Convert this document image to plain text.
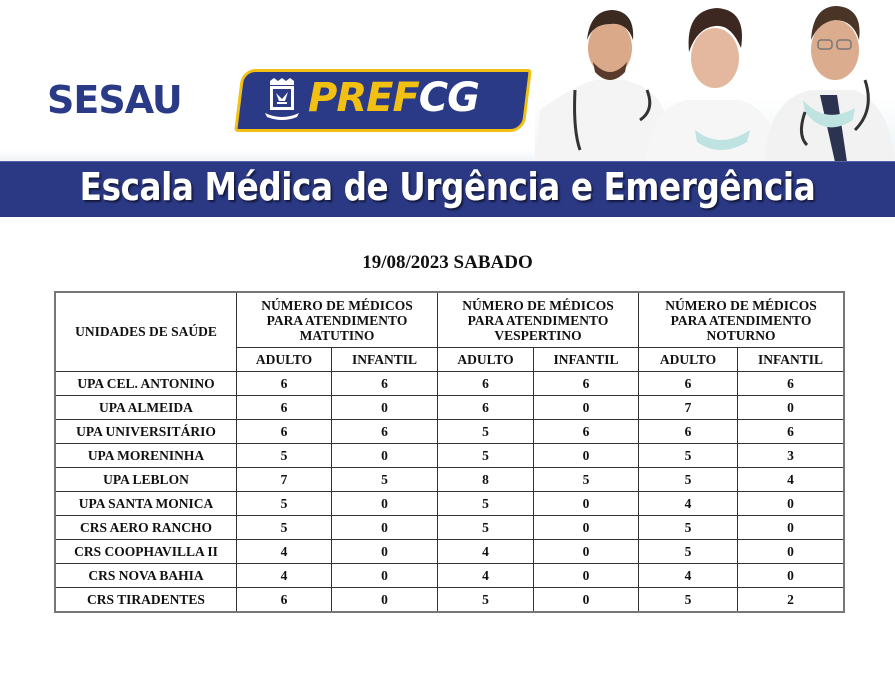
SESAU	PREFCG
Escala Médica de Urgência e Emergência
19/08/2023 SABADO
UNIDADES DE SAÚDE	
NÚMERO DE MÉDICOS
PARA ATENDIMENTO
MATUTINO

NÚMERO DE MÉDICOS
PARA ATENDIMENTO
VESPERTINO

NÚMERO DE MÉDICOS
PARA ATENDIMENTO
NOTURNO

	ADULTO	INFANTIL	ADULTO	INFANTIL	ADULTO	INFANTIL
UPA CEL. ANTONINO	6	6	6	6	6	6
UPA ALMEIDA	6	0	6	0	7	0
UPA UNIVERSITÁRIO	6	6	5	6	6	6
UPA MORENINHA	5	0	5	0	5	3
UPA LEBLON	7	5	8	5	5	4
UPA SANTA MONICA	5	0	5	0	4	0
CRS AERO RANCHO	5	0	5	0	5	0
CRS COOPHAVILLA II	4	0	4	0	5	0
CRS NOVA BAHIA	4	0	4	0	4	0
CRS TIRADENTES	6	0	5	0	5	2
